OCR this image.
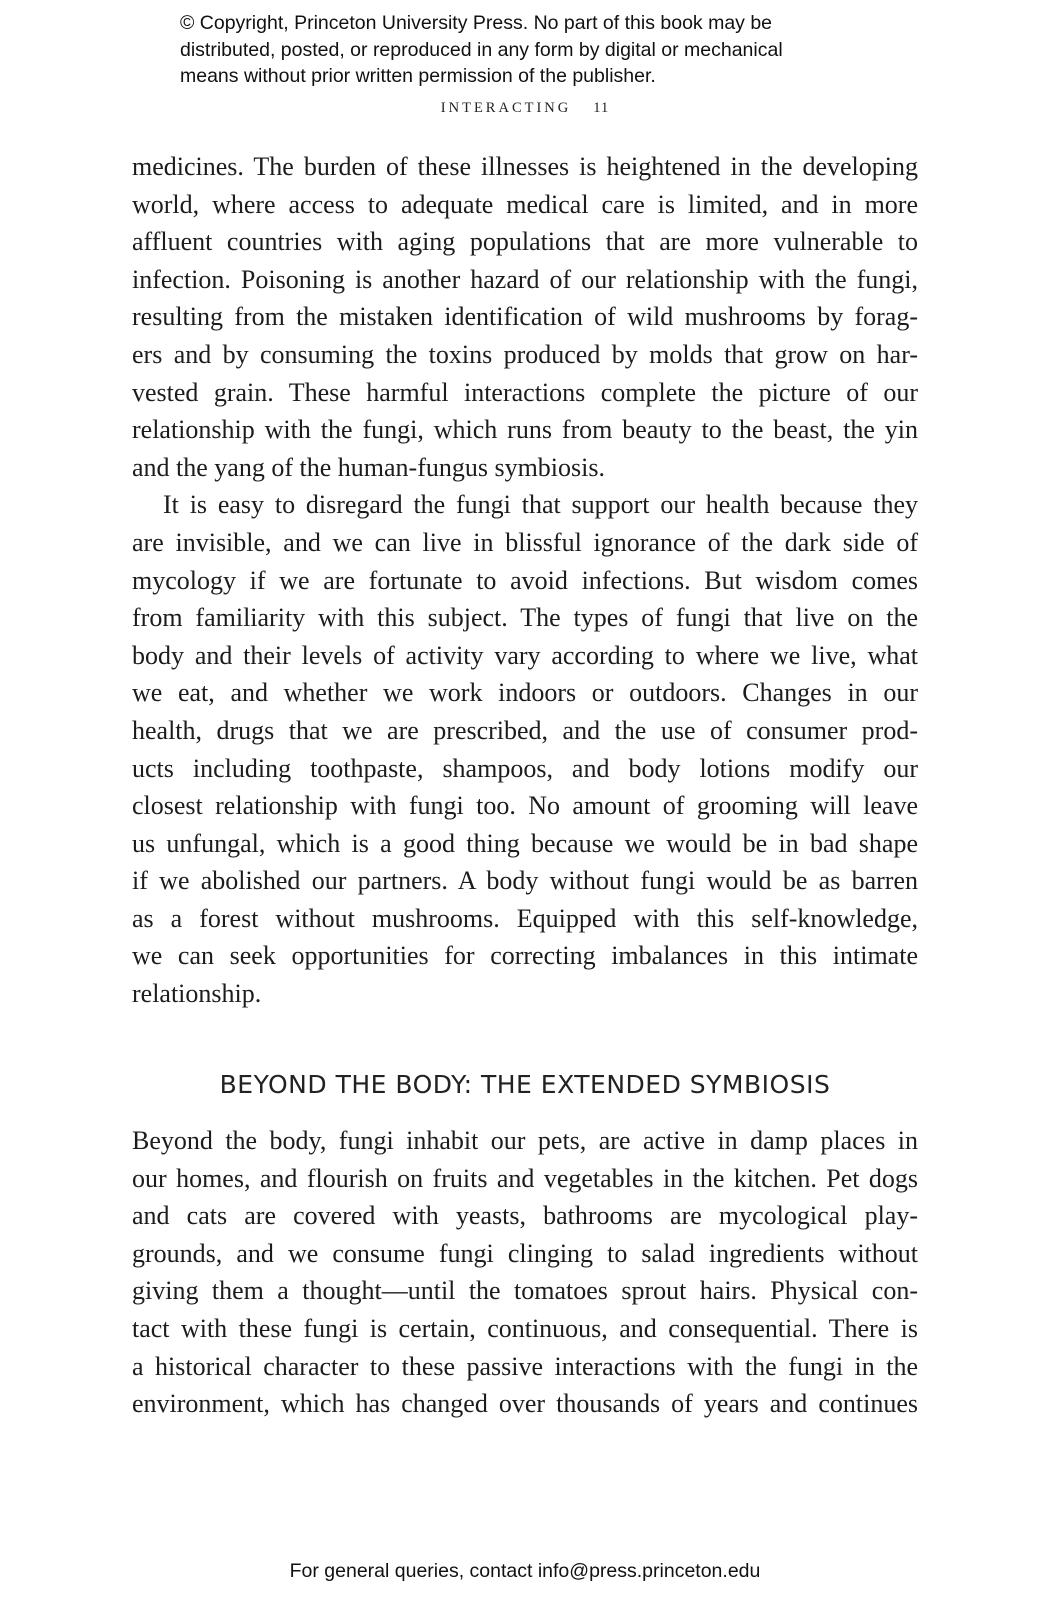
© Copyright, Princeton University Press. No part of this book may be
distributed, posted, or reproduced in any form by digital or mechanical
means without prior written permission of the publisher.
INTERACTING 11

medicines. The burden of these illnesses is heightened in the developing
world, where access to adequate medical care is limited, and in more
affluent countries with aging populations that are more vulnerable to
infection. Poisoning is another hazard of our relationship with the fungi,
resulting from the mistaken identification of wild mushrooms by forag-
ers and by consuming the toxins produced by molds that grow on har-
vested grain. These harmful interactions complete the picture of our
relationship with the fungi, which runs from beauty to the beast, the yin
and the yang of the human-fungus symbiosis.

It is easy to disregard the fungi that support our health because they
are invisible, and we can live in blissful ignorance of the dark side of
mycology if we are fortunate to avoid infections. But wisdom comes
from familiarity with this subject. The types of fungi that live on the
body and their levels of activity vary according to where we live, what
we eat, and whether we work indoors or outdoors. Changes in our
health, drugs that we are prescribed, and the use of consumer prod-
ucts including toothpaste, shampoos, and body lotions modify our
closest relationship with fungi too. No amount of grooming will leave
us unfungal, which is a good thing because we would be in bad shape
if we abolished our partners. A body without fungi would be as barren
as a forest without mushrooms. Equipped with this self-knowledge,
we can seek opportunities for correcting imbalances in this intimate
relationship.

BEYOND THE BODY: THE EXTENDED SYMBIOSIS

Beyond the body, fungi inhabit our pets, are active in damp places in
our homes, and flourish on fruits and vegetables in the kitchen. Pet dogs
and cats are covered with yeasts, bathrooms are mycological play-
grounds, and we consume fungi clinging to salad ingredients without
giving them a thought—until the tomatoes sprout hairs. Physical con-
tact with these fungi is certain, continuous, and consequential. There is
a historical character to these passive interactions with the fungi in the
environment, which has changed over thousands of years and continues

For general queries, contact info@press.princeton.edu
